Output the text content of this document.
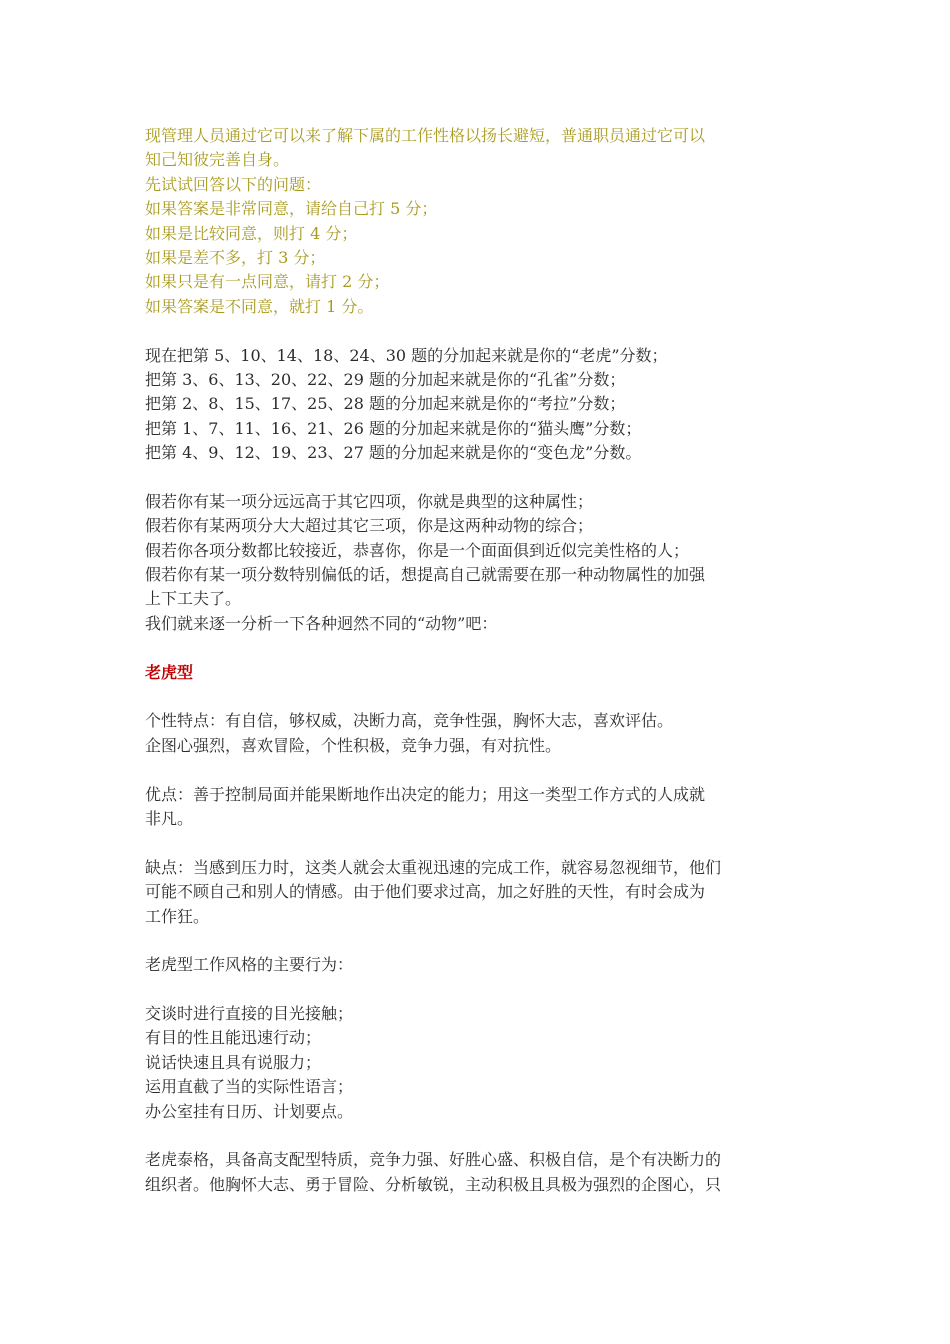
现管理人员通过它可以来了解下属的工作性格以扬长避短，普通职员通过它可以
知己知彼完善自身。
先试试回答以下的问题：
如果答案是非常同意，请给自己打 5 分；
如果是比较同意，则打 4 分；
如果是差不多，打 3 分；
如果只是有一点同意，请打 2 分；
如果答案是不同意，就打 1 分。
现在把第 5、10、14、18、24、30 题的分加起来就是你的“老虎”分数；
把第 3、6、13、20、22、29 题的分加起来就是你的“孔雀”分数；
把第 2、8、15、17、25、28 题的分加起来就是你的“考拉”分数；
把第 1、7、11、16、21、26 题的分加起来就是你的“猫头鹰”分数；
把第 4、9、12、19、23、27 题的分加起来就是你的“变色龙”分数。
假若你有某一项分远远高于其它四项，你就是典型的这种属性；
假若你有某两项分大大超过其它三项，你是这两种动物的综合；
假若你各项分数都比较接近，恭喜你，你是一个面面俱到近似完美性格的人；
假若你有某一项分数特别偏低的话，想提高自己就需要在那一种动物属性的加强
上下工夫了。
我们就来逐一分析一下各种迥然不同的“动物”吧：
老虎型
个性特点：有自信，够权威，决断力高，竞争性强，胸怀大志，喜欢评估。
企图心强烈，喜欢冒险，个性积极，竞争力强，有对抗性。
优点：善于控制局面并能果断地作出决定的能力；用这一类型工作方式的人成就
非凡。
缺点：当感到压力时，这类人就会太重视迅速的完成工作，就容易忽视细节，他们
可能不顾自己和别人的情感。由于他们要求过高，加之好胜的天性，有时会成为
工作狂。
老虎型工作风格的主要行为：
交谈时进行直接的目光接触；
有目的性且能迅速行动；
说话快速且具有说服力；
运用直截了当的实际性语言；
办公室挂有日历、计划要点。
老虎泰格，具备高支配型特质，竞争力强、好胜心盛、积极自信，是个有决断力的
组织者。他胸怀大志、勇于冒险、分析敏锐，主动积极且具极为强烈的企图心，只
